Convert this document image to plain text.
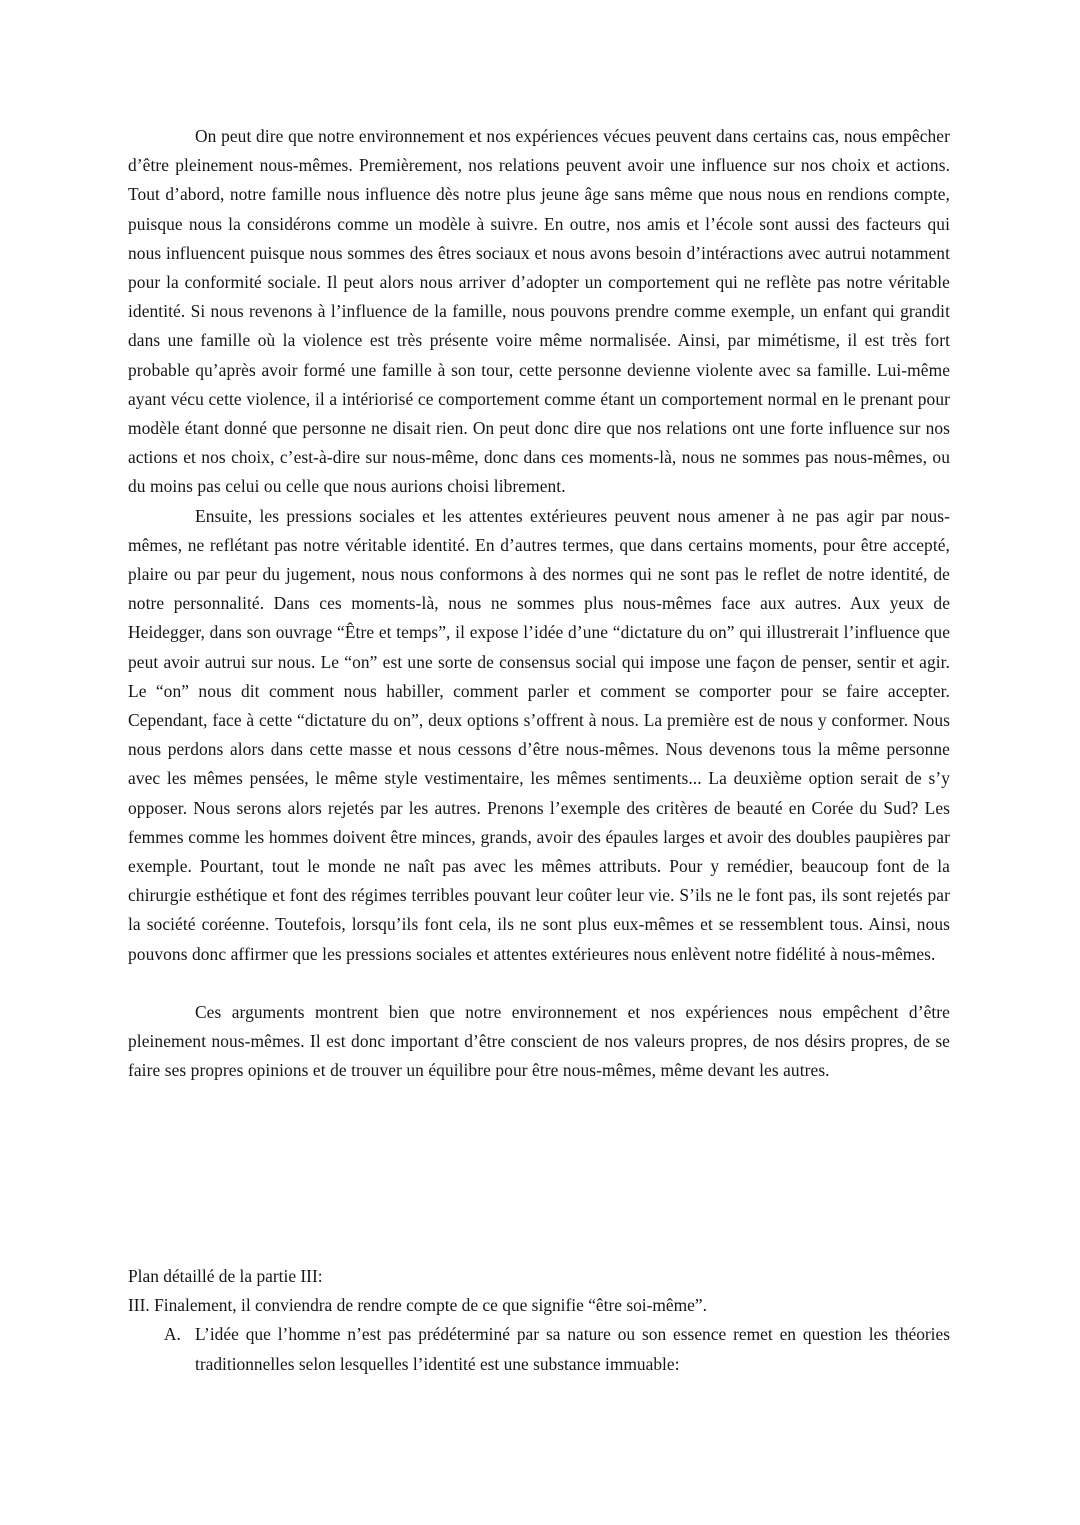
On peut dire que notre environnement et nos expériences vécues peuvent dans certains cas, nous empêcher d’être pleinement nous-mêmes. Premièrement, nos relations peuvent avoir une influence sur nos choix et actions. Tout d’abord, notre famille nous influence dès notre plus jeune âge sans même que nous nous en rendions compte, puisque nous la considérons comme un modèle à suivre. En outre, nos amis et l’école sont aussi des facteurs qui nous influencent puisque nous sommes des êtres sociaux et nous avons besoin d’intéractions avec autrui notamment pour la conformité sociale. Il peut alors nous arriver d’adopter un comportement qui ne reflète pas notre véritable identité. Si nous revenons à l’influence de la famille, nous pouvons prendre comme exemple, un enfant qui grandit dans une famille où la violence est très présente voire même normalisée. Ainsi, par mimétisme, il est très fort probable qu’après avoir formé une famille à son tour, cette personne devienne violente avec sa famille. Lui-même ayant vécu cette violence, il a intériorisé ce comportement comme étant un comportement normal en le prenant pour modèle étant donné que personne ne disait rien. On peut donc dire que nos relations ont une forte influence sur nos actions et nos choix, c’est-à-dire sur nous-même, donc dans ces moments-là, nous ne sommes pas nous-mêmes, ou du moins pas celui ou celle que nous aurions choisi librement.

Ensuite, les pressions sociales et les attentes extérieures peuvent nous amener à ne pas agir par nous-mêmes, ne reflétant pas notre véritable identité. En d’autres termes, que dans certains moments, pour être accepté, plaire ou par peur du jugement, nous nous conformons à des normes qui ne sont pas le reflet de notre identité, de notre personnalité. Dans ces moments-là, nous ne sommes plus nous-mêmes face aux autres. Aux yeux de Heidegger, dans son ouvrage “Être et temps”, il expose l’idée d’une “dictature du on” qui illustrerait l’influence que peut avoir autrui sur nous. Le “on” est une sorte de consensus social qui impose une façon de penser, sentir et agir. Le “on” nous dit comment nous habiller, comment parler et comment se comporter pour se faire accepter. Cependant, face à cette “dictature du on”, deux options s’offrent à nous. La première est de nous y conformer. Nous nous perdons alors dans cette masse et nous cessons d’être nous-mêmes. Nous devenons tous la même personne avec les mêmes pensées, le même style vestimentaire, les mêmes sentiments... La deuxième option serait de s’y opposer. Nous serons alors rejetés par les autres. Prenons l’exemple des critères de beauté en Corée du Sud? Les femmes comme les hommes doivent être minces, grands, avoir des épaules larges et avoir des doubles paupières par exemple. Pourtant, tout le monde ne naît pas avec les mêmes attributs. Pour y remédier, beaucoup font de la chirurgie esthétique et font des régimes terribles pouvant leur coûter leur vie. S’ils ne le font pas, ils sont rejetés par la société coréenne. Toutefois, lorsqu’ils font cela, ils ne sont plus eux-mêmes et se ressemblent tous. Ainsi, nous pouvons donc affirmer que les pressions sociales et attentes extérieures nous enlèvent notre fidélité à nous-mêmes.

Ces arguments montrent bien que notre environnement et nos expériences nous empêchent d’être pleinement nous-mêmes. Il est donc important d’être conscient de nos valeurs propres, de nos désirs propres, de se faire ses propres opinions et de trouver un équilibre pour être nous-mêmes, même devant les autres.

Plan détaillé de la partie III:

III. Finalement, il conviendra de rendre compte de ce que signifie “être soi-même”.

A. L’idée que l’homme n’est pas prédéterminé par sa nature ou son essence remet en question les théories traditionnelles selon lesquelles l’identité est une substance immuable:
